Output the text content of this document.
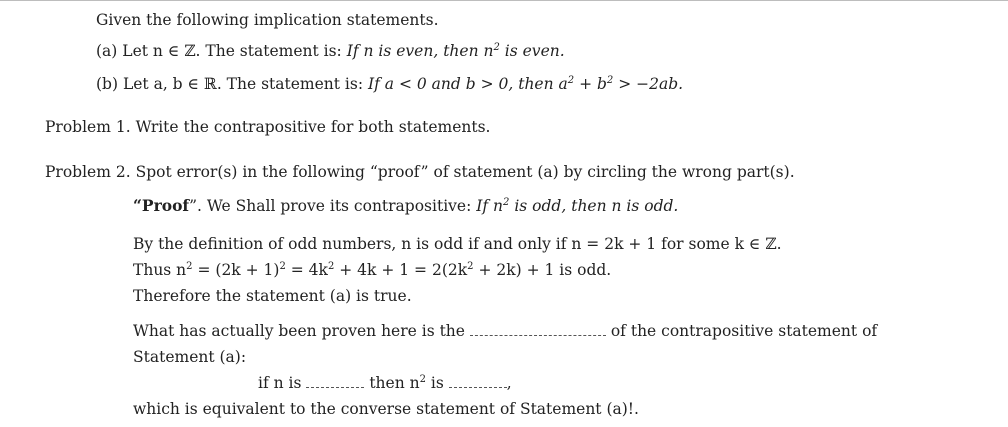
Given the following implication statements.
(a) Let n ∈ ℤ. The statement is: If n is even, then $n^2$ is even.
(b) Let a, b ∈ ℝ. The statement is: If a < 0 and b > 0, then $a^2 + b^2 > -2ab$.
Problem 1. Write the contrapositive for both statements.
Problem 2. Spot error(s) in the following “proof” of statement (a) by circling the wrong part(s).
“Proof”. We Shall prove its contrapositive: If $n^2$ is odd, then n is odd.
By the definition of odd numbers, n is odd if and only if n = 2k + 1 for some k ∈ ℤ.
Thus $n^2 = (2k + 1)^2 = 4k^2 + 4k + 1 = 2(2k^2 + 2k) + 1$ is odd.
Therefore the statement (a) is true.
What has actually been proven here is the	of the contrapositive statement of
Statement (a):
if n is	then $n^2$ is	,
which is equivalent to the converse statement of Statement (a)!.
